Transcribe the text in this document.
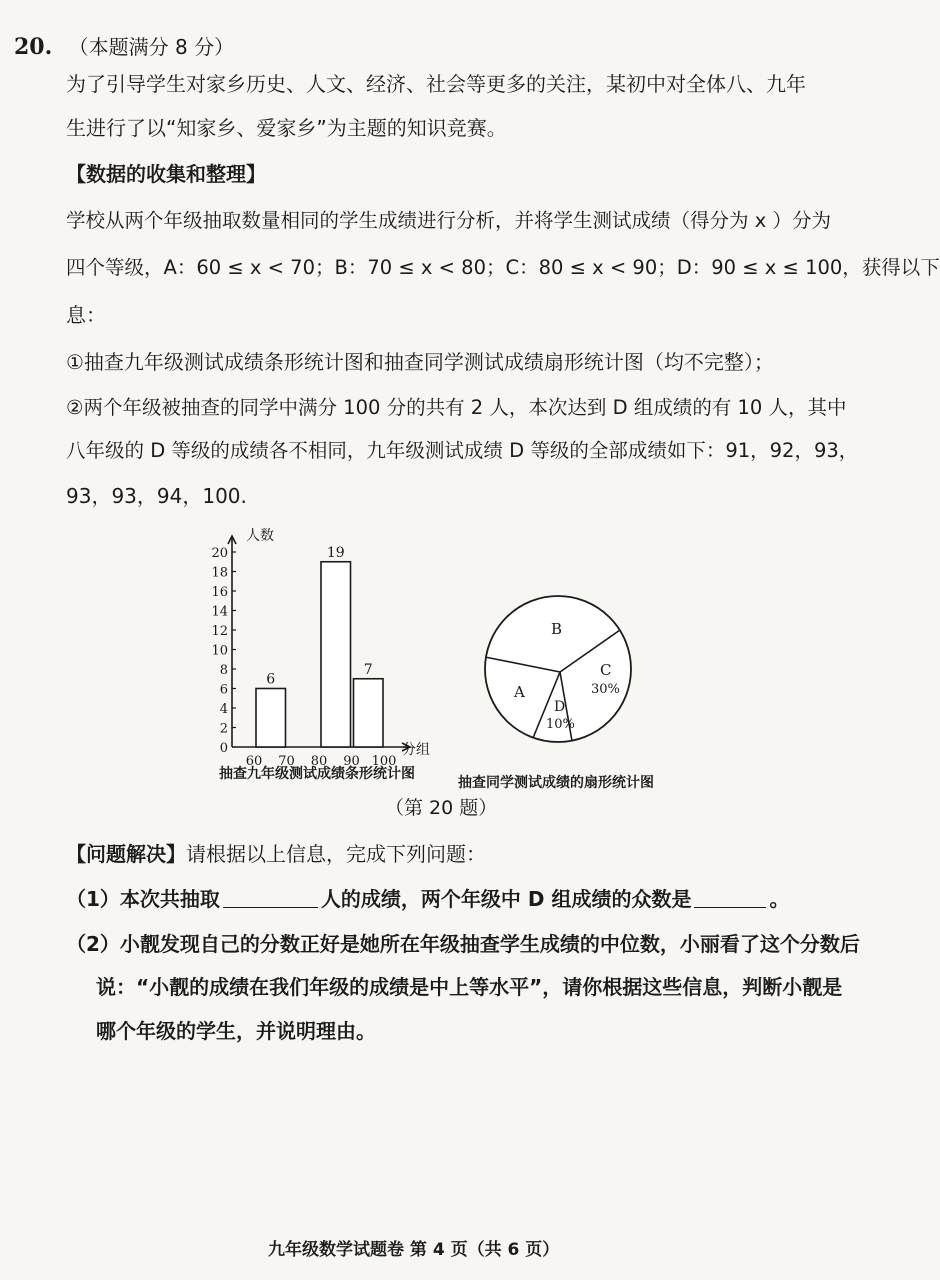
20. （本题满分 8 分）
为了引导学生对家乡历史、人文、经济、社会等更多的关注，某初中对全体八、九年
生进行了以“知家乡、爱家乡”为主题的知识竞赛。
【数据的收集和整理】
学校从两个年级抽取数量相同的学生成绩进行分析，并将学生测试成绩（得分为 x ）分为
四个等级，A：60 ≤ x < 70；B：70 ≤ x < 80；C：80 ≤ x < 90；D：90 ≤ x ≤ 100，获得以下
息：
①抽查九年级测试成绩条形统计图和抽查同学测试成绩扇形统计图（均不完整）；
②两个年级被抽查的同学中满分 100 分的共有 2 人，本次达到 D 组成绩的有 10 人，其中
八年级的 D 等级的成绩各不相同，九年级测试成绩 D 等级的全部成绩如下：91，92，93，
93，93，94，100.
0
2
4
6
8
10
12
14
16
18
20
60 70 80 90 100
6
19
7
人数
分组
抽查九年级测试成绩条形统计图
B
A
C
30%
D
10%
抽查同学测试成绩的扇形统计图
（第 20 题）
【问题解决】请根据以上信息，完成下列问题：
（1）本次共抽取	人的成绩，两个年级中 D 组成绩的众数是	。
（2）小靓发现自己的分数正好是她所在年级抽查学生成绩的中位数，小丽看了这个分数后
说：“小靓的成绩在我们年级的成绩是中上等水平”，请你根据这些信息，判断小靓是
哪个年级的学生，并说明理由。
九年级数学试题卷 第 4 页（共 6 页）
